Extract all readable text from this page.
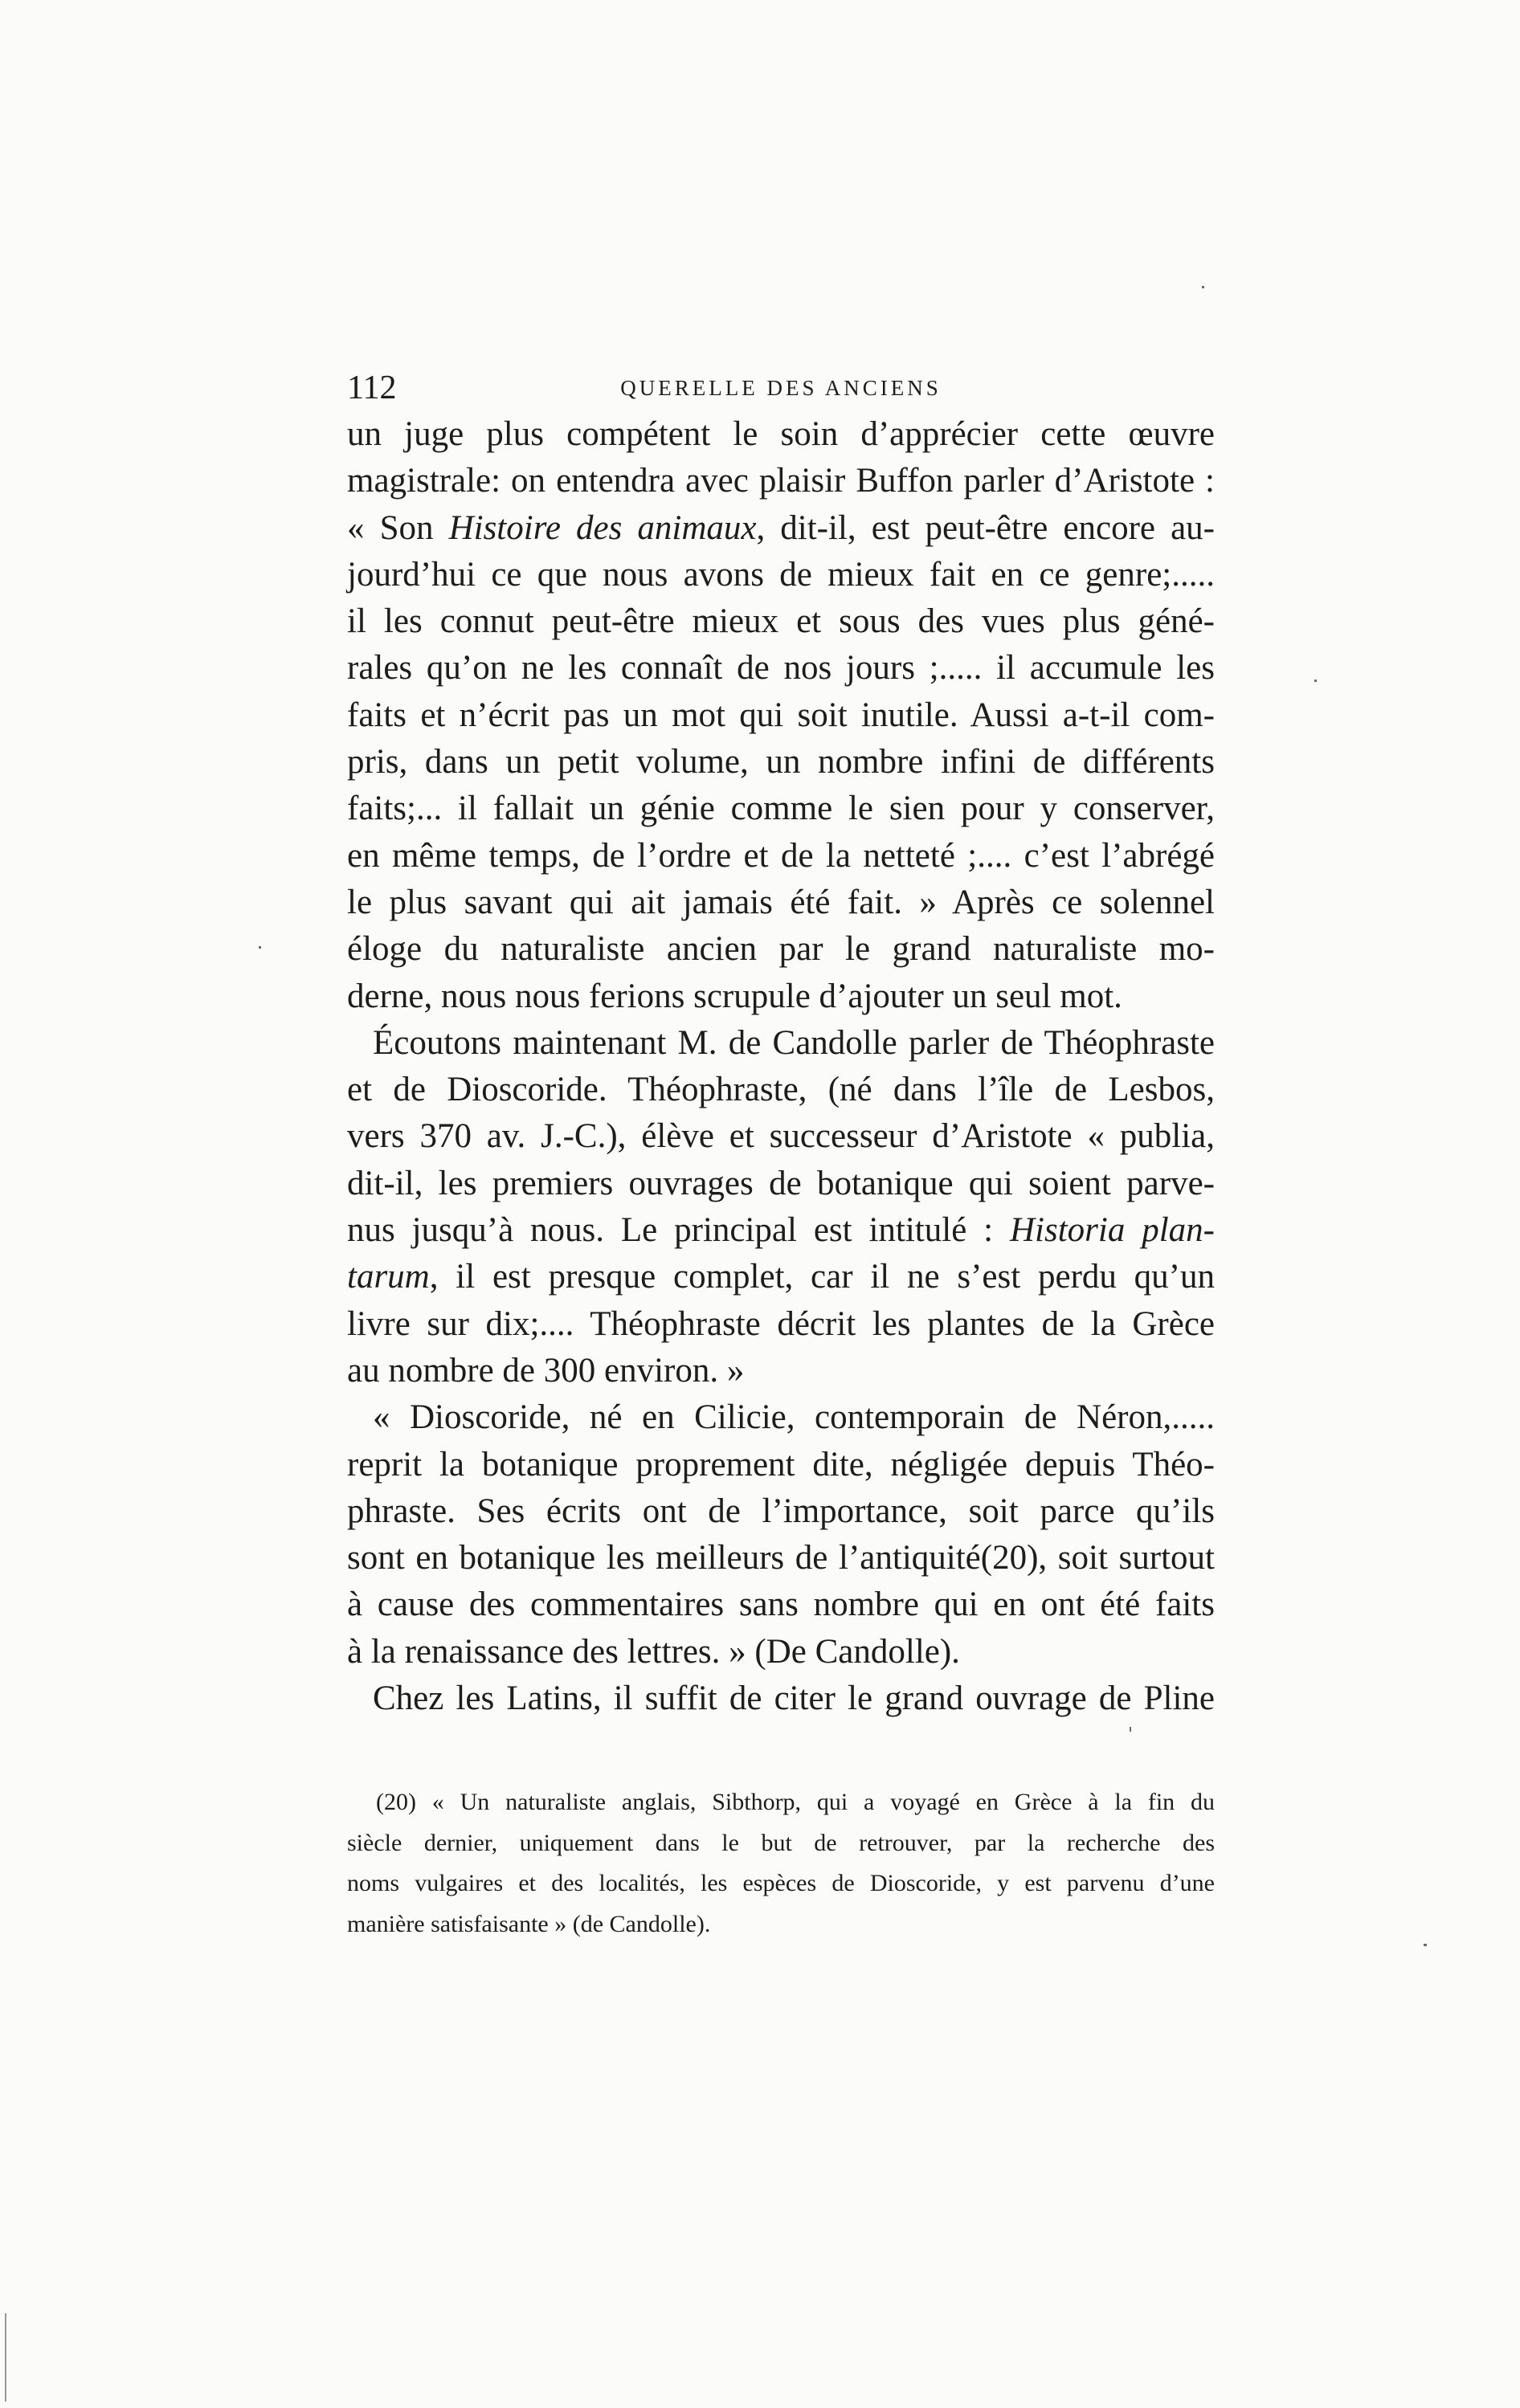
112	QUERELLE DES ANCIENS
un juge plus compétent le soin d’apprécier cette œuvre
magistrale: on entendra avec plaisir Buffon parler d’Aristote :
« Son Histoire des animaux, dit-il, est peut-être encore au-
jourd’hui ce que nous avons de mieux fait en ce genre;.....
il les connut peut-être mieux et sous des vues plus géné-
rales qu’on ne les connaît de nos jours ;..... il accumule les
faits et n’écrit pas un mot qui soit inutile. Aussi a-t-il com-
pris, dans un petit volume, un nombre infini de différents
faits;... il fallait un génie comme le sien pour y conserver,
en même temps, de l’ordre et de la netteté ;.... c’est l’abrégé
le plus savant qui ait jamais été fait. » Après ce solennel
éloge du naturaliste ancien par le grand naturaliste mo-
derne, nous nous ferions scrupule d’ajouter un seul mot.
Écoutons maintenant M. de Candolle parler de Théophraste
et de Dioscoride. Théophraste, (né dans l’île de Lesbos,
vers 370 av. J.-C.), élève et successeur d’Aristote « publia,
dit-il, les premiers ouvrages de botanique qui soient parve-
nus jusqu’à nous. Le principal est intitulé : Historia plan-
tarum, il est presque complet, car il ne s’est perdu qu’un
livre sur dix;.... Théophraste décrit les plantes de la Grèce
au nombre de 300 environ. »
« Dioscoride, né en Cilicie, contemporain de Néron,.....
reprit la botanique proprement dite, négligée depuis Théo-
phraste. Ses écrits ont de l’importance, soit parce qu’ils
sont en botanique les meilleurs de l’antiquité(20), soit surtout
à cause des commentaires sans nombre qui en ont été faits
à la renaissance des lettres. » (De Candolle).
Chez les Latins, il suffit de citer le grand ouvrage de Pline
(20) « Un naturaliste anglais, Sibthorp, qui a voyagé en Grèce à la fin du
siècle dernier, uniquement dans le but de retrouver, par la recherche des
noms vulgaires et des localités, les espèces de Dioscoride, y est parvenu d’une
manière satisfaisante » (de Candolle).
